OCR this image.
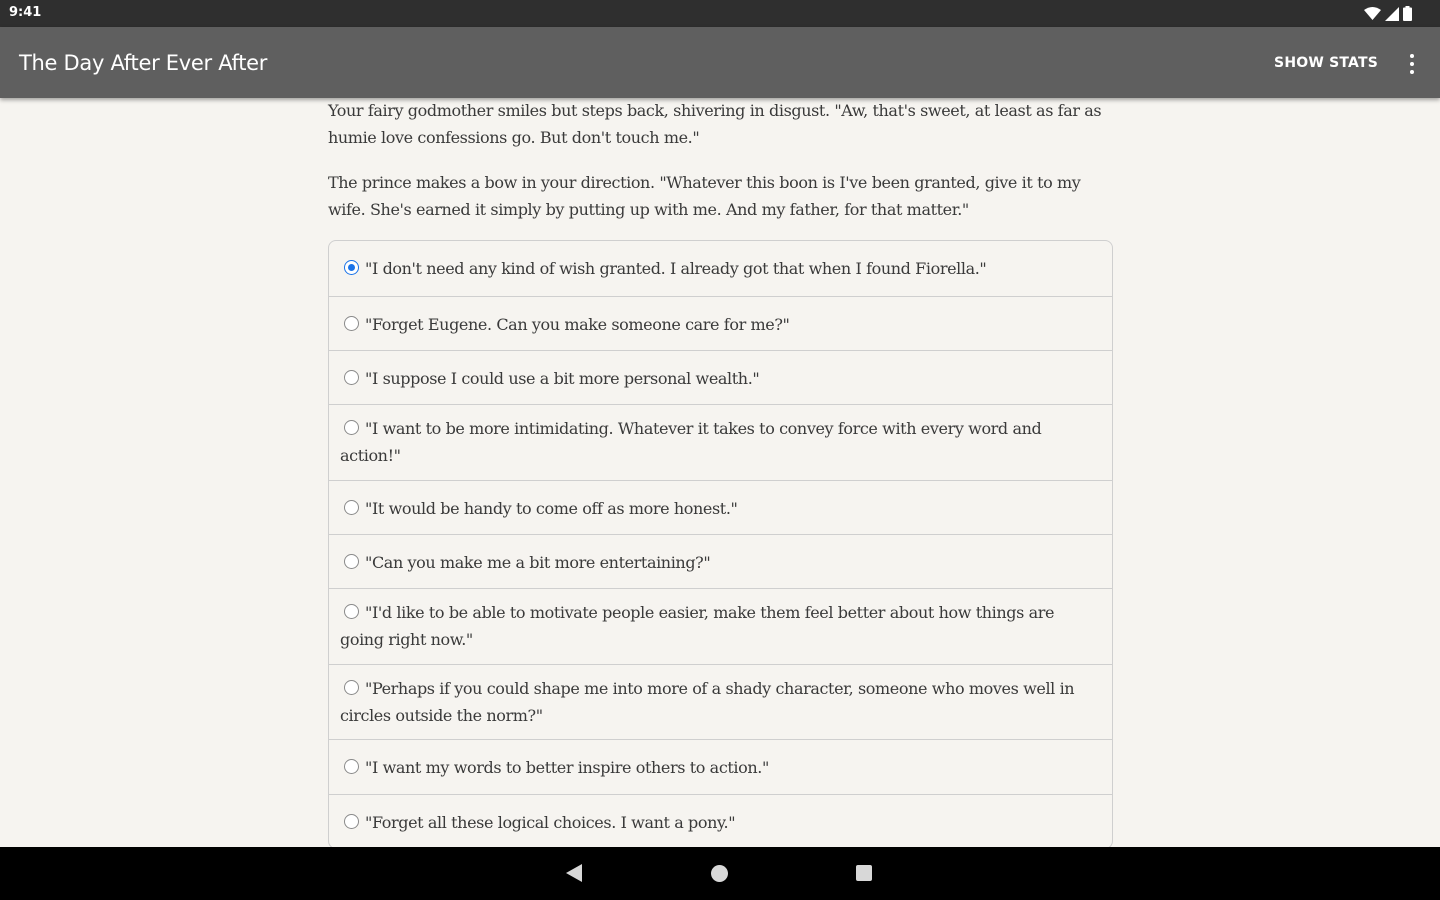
9:41
The Day After Ever After	SHOW STATS

Your fairy godmother smiles but steps back, shivering in disgust. "Aw, that's sweet, at least as far as humie love confessions go. But don't touch me."

The prince makes a bow in your direction. "Whatever this boon is I've been granted, give it to my wife. She's earned it simply by putting up with me. And my father, for that matter."

"I don't need any kind of wish granted. I already got that when I found Fiorella."
"Forget Eugene. Can you make someone care for me?"
"I suppose I could use a bit more personal wealth."
"I want to be more intimidating. Whatever it takes to convey force with every word and action!"
"It would be handy to come off as more honest."
"Can you make me a bit more entertaining?"
"I'd like to be able to motivate people easier, make them feel better about how things are going right now."
"Perhaps if you could shape me into more of a shady character, someone who moves well in circles outside the norm?"
"I want my words to better inspire others to action."
"Forget all these logical choices. I want a pony."
